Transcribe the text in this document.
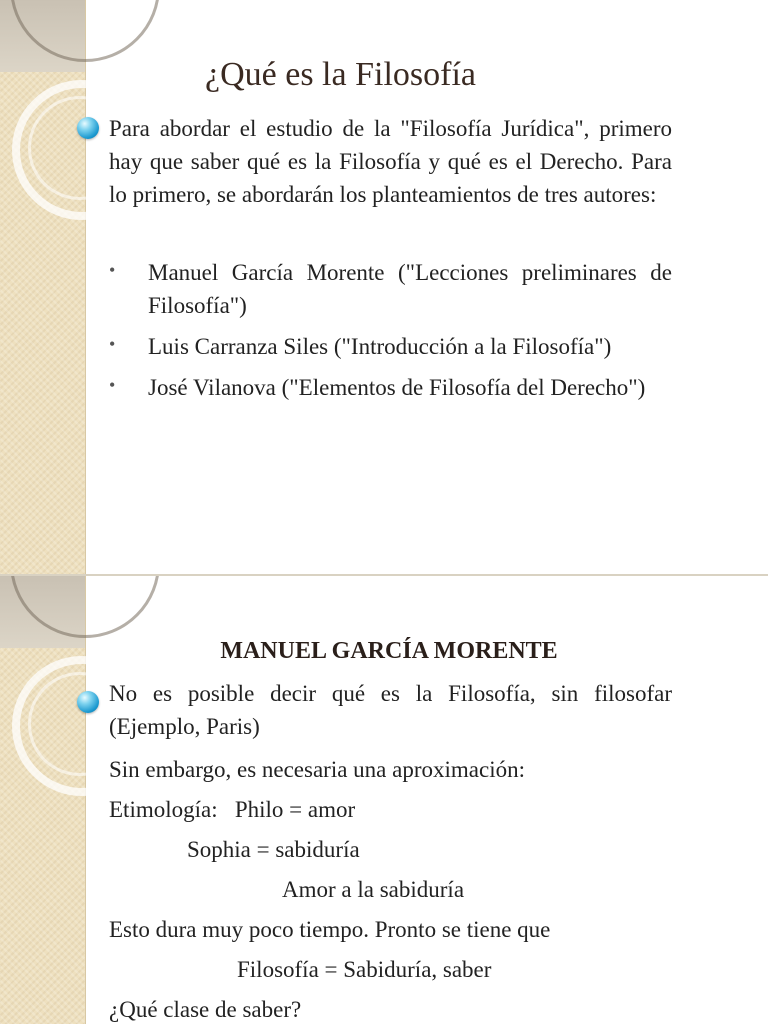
¿Qué es la Filosofía

Para abordar el estudio de la "Filosofía Jurídica", primero hay que saber qué es la Filosofía y qué es el Derecho. Para lo primero, se abordarán los planteamientos de tres autores:

• Manuel García Morente ("Lecciones preliminares de Filosofía")
• Luis Carranza Siles ("Introducción a la Filosofía")
• José Vilanova ("Elementos de Filosofía del Derecho")
MANUEL GARCÍA MORENTE

No es posible decir qué es la Filosofía, sin filosofar (Ejemplo, Paris)

Sin embargo, es necesaria una aproximación:

Etimología:   Philo = amor

Sophia = sabiduría

Amor a la sabiduría

Esto dura muy poco tiempo. Pronto se tiene que

Filosofía = Sabiduría, saber

¿Qué clase de saber?
